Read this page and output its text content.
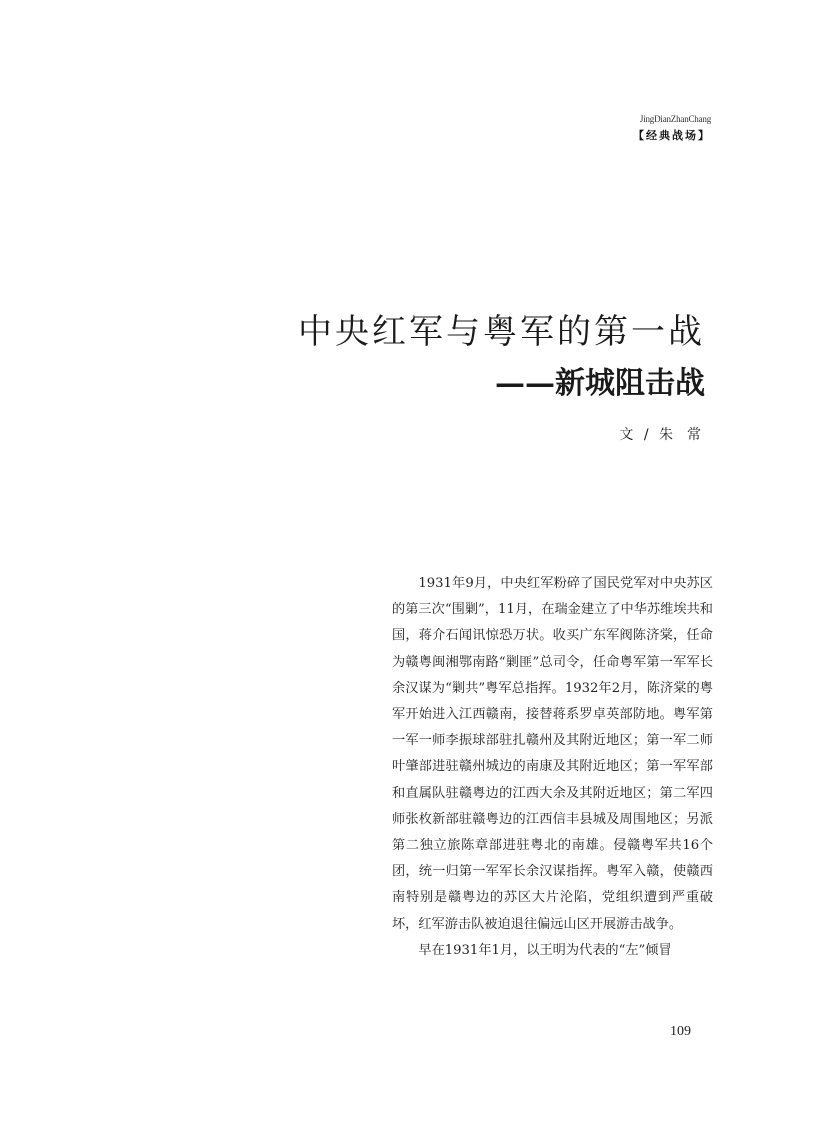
JingDianZhanChang
【经典战场】
中央红军与粤军的第一战
——新城阻击战
文 / 朱　常

1931年9月，中央红军粉碎了国民党军对中央苏区的第三次“围剿”，11月，在瑞金建立了中华苏维埃共和国，蒋介石闻讯惊恐万状。收买广东军阀陈济棠，任命为赣粤闽湘鄂南路“剿匪”总司令，任命粤军第一军军长余汉谋为“剿共”粤军总指挥。1932年2月，陈济棠的粤军开始进入江西赣南，接替蒋系罗卓英部防地。粤军第一军一师李振球部驻扎赣州及其附近地区；第一军二师叶肇部进驻赣州城边的南康及其附近地区；第一军军部和直属队驻赣粤边的江西大余及其附近地区；第二军四师张枚新部驻赣粤边的江西信丰县城及周围地区；另派第二独立旅陈章部进驻粤北的南雄。侵赣粤军共16个团，统一归第一军军长余汉谋指挥。粤军入赣，使赣西南特别是赣粤边的苏区大片沦陷，党组织遭到严重破坏，红军游击队被迫退往偏远山区开展游击战争。

早在1931年1月，以王明为代表的“左”倾冒

109
